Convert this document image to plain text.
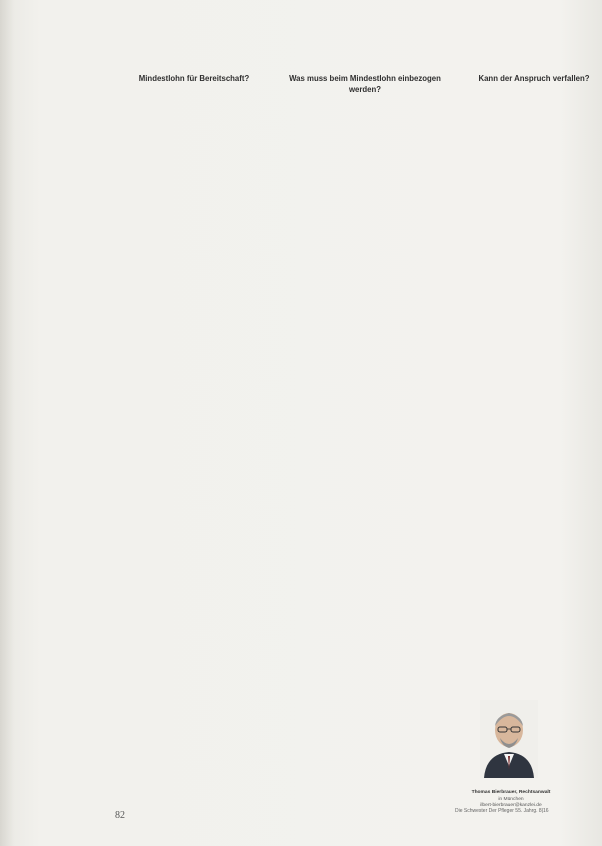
Mindestlohn für Bereitschaft?	Was muss beim Mindestlohn einbezogen werden?
Kann der Anspruch verfallen?
Thomas Bierbrauer, Rechtsanwalt
in München
ilbert-bierbrauer@kanzlei.de
82	Die Schwester Der Pfleger 55. Jahrg. 8|16
